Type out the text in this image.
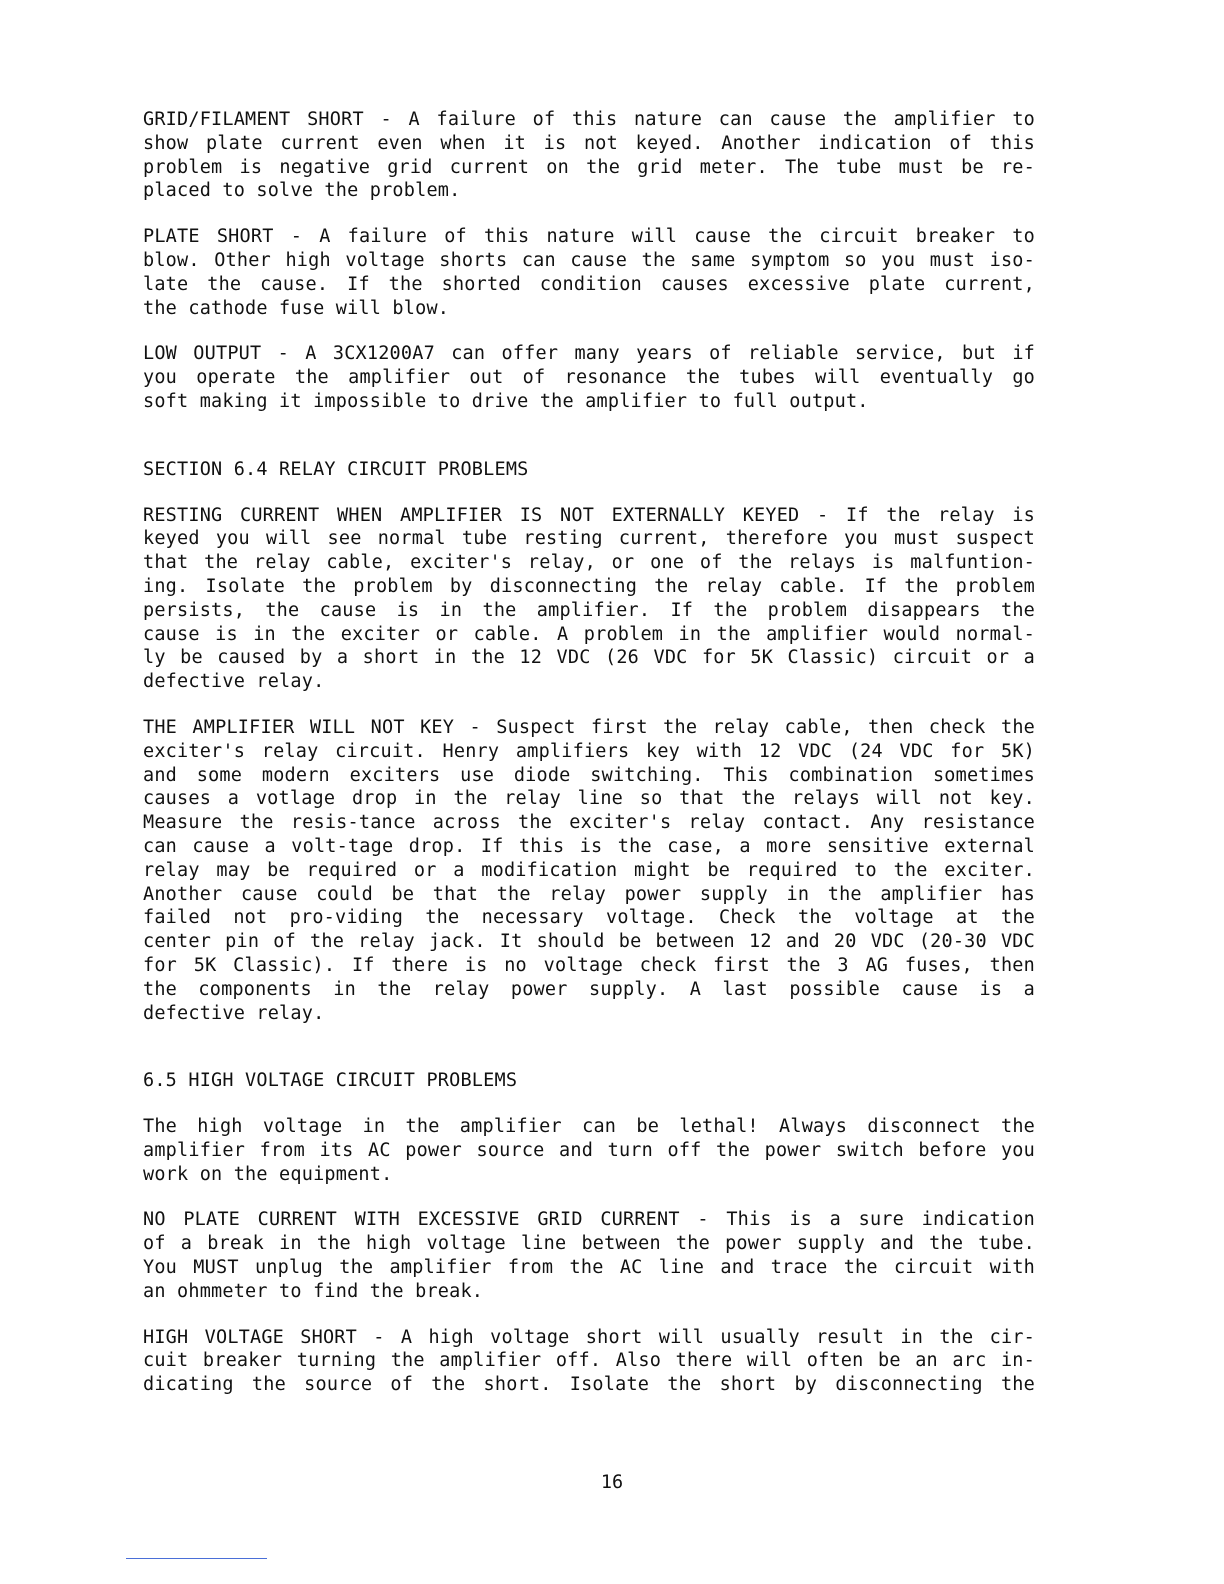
GRID/FILAMENT SHORT - A failure of this nature can cause the amplifier to
show plate current even when it is not keyed. Another indication of this
problem is negative grid current on the grid meter. The tube must be re-
placed to solve the problem.
PLATE SHORT - A failure of this nature will cause the circuit breaker to
blow. Other high voltage shorts can cause the same symptom so you must iso-
late the cause. If the shorted condition causes excessive plate current,
the cathode fuse will blow.
LOW OUTPUT - A 3CX1200A7 can offer many years of reliable service, but if
you operate the amplifier out of resonance the tubes will eventually go
soft making it impossible to drive the amplifier to full output.
SECTION 6.4 RELAY CIRCUIT PROBLEMS
RESTING CURRENT WHEN AMPLIFIER IS NOT EXTERNALLY KEYED - If the relay is
keyed you will see normal tube resting current, therefore you must suspect
that the relay cable, exciter's relay, or one of the relays is malfuntion-
ing. Isolate the problem by disconnecting the relay cable. If the problem
persists, the cause is in the amplifier. If the problem disappears the
cause is in the exciter or cable. A problem in the amplifier would normal-
ly be caused by a short in the 12 VDC (26 VDC for 5K Classic) circuit or a
defective relay.
THE AMPLIFIER WILL NOT KEY - Suspect first the relay cable, then check the
exciter's relay circuit. Henry amplifiers key with 12 VDC (24 VDC for 5K)
and some modern exciters use diode switching. This combination sometimes
causes a votlage drop in the relay line so that the relays will not key.
Measure the resis-tance across the exciter's relay contact. Any resistance
can cause a volt-tage drop. If this is the case, a more sensitive external
relay may be required or a modification might be required to the exciter.
Another cause could be that the relay power supply in the amplifier has
failed not pro-viding the necessary voltage. Check the voltage at the
center pin of the relay jack. It should be between 12 and 20 VDC (20-30 VDC
for 5K Classic). If there is no voltage check first the 3 AG fuses, then
the components in the relay power supply. A last possible cause is a
defective relay.
6.5 HIGH VOLTAGE CIRCUIT PROBLEMS
The high voltage in the amplifier can be lethal! Always disconnect the
amplifier from its AC power source and turn off the power switch before you
work on the equipment.
NO PLATE CURRENT WITH EXCESSIVE GRID CURRENT - This is a sure indication
of a break in the high voltage line between the power supply and the tube.
You MUST unplug the amplifier from the AC line and trace the circuit with
an ohmmeter to find the break.
HIGH VOLTAGE SHORT - A high voltage short will usually result in the cir-
cuit breaker turning the amplifier off. Also there will often be an arc in-
dicating the source of the short. Isolate the short by disconnecting the
16
